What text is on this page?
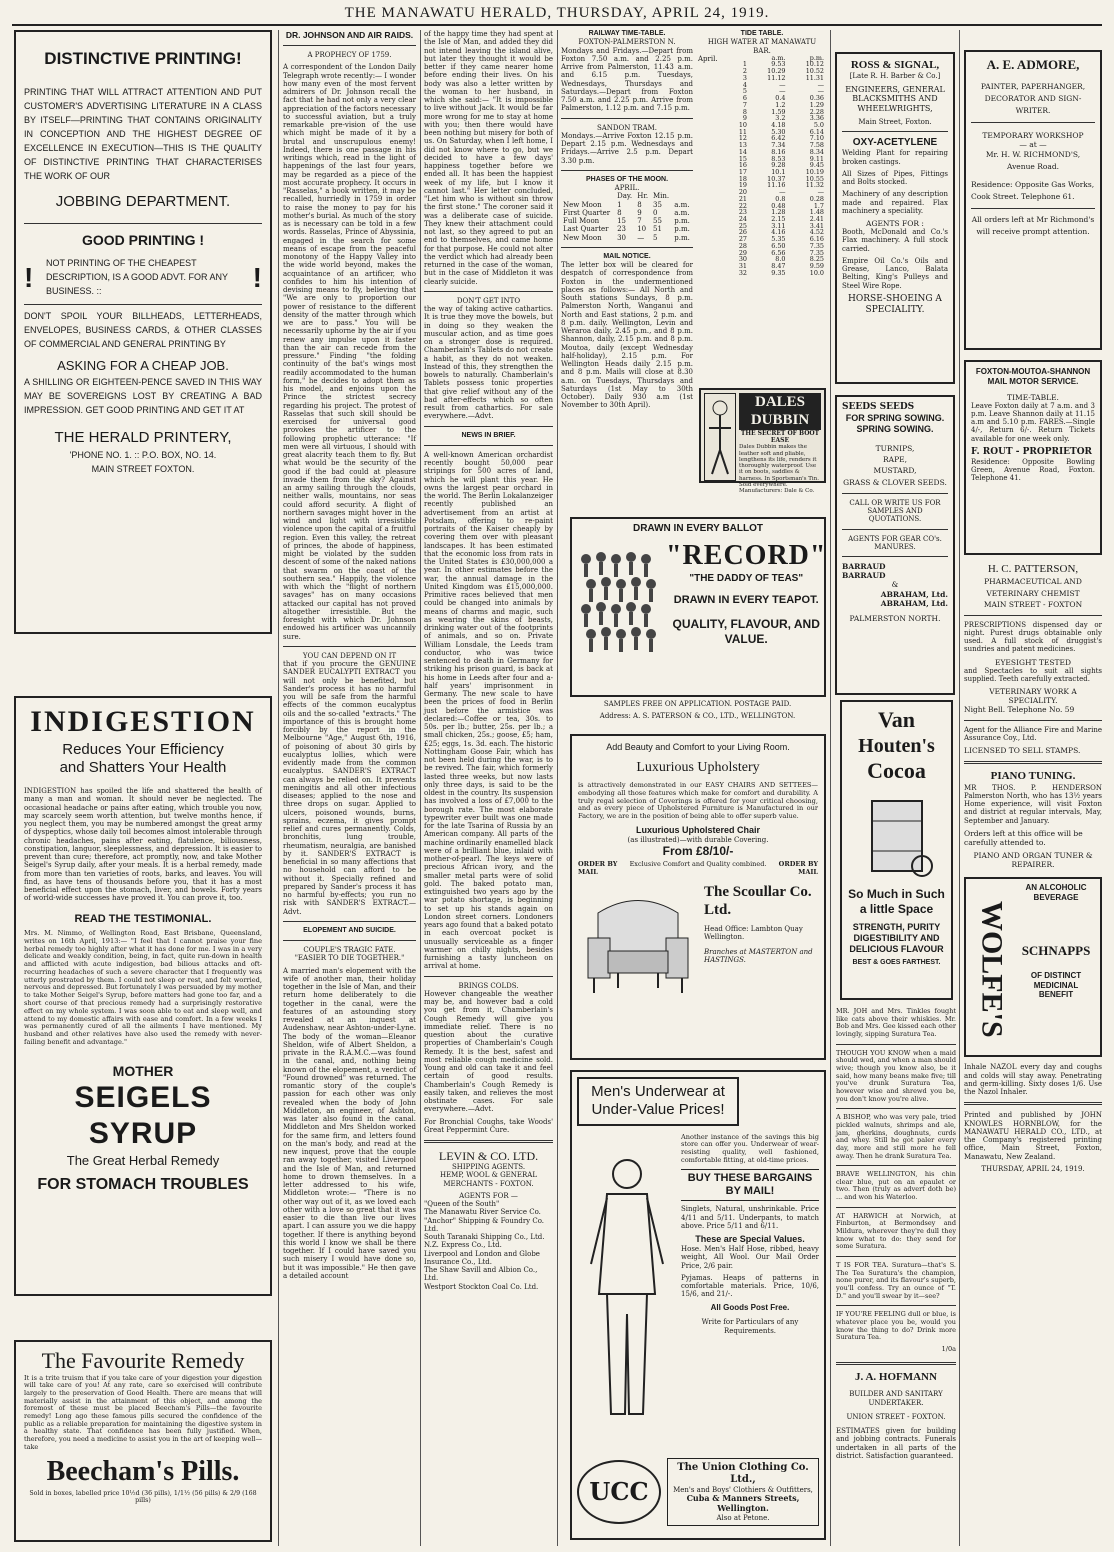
THE MANAWATU HERALD, THURSDAY, APRIL 24, 1919.
DISTINCTIVE PRINTING!

PRINTING THAT WILL ATTRACT ATTENTION AND PUT CUSTOMER'S ADVERTISING LITERATURE IN A CLASS BY ITSELF—PRINTING THAT CONTAINS ORIGINALITY IN CONCEPTION AND THE HIGHEST DEGREE OF EXCELLENCE IN EXECUTION—THIS IS THE QUALITY OF DISTINCTIVE PRINTING THAT CHARACTERISES THE WORK OF OUR

JOBBING DEPARTMENT.
GOOD PRINTING !
!	NOT PRINTING OF THE CHEAPEST DESCRIPTION, IS A GOOD ADVT. FOR ANY BUSINESS. ::	!

DON'T SPOIL YOUR BILLHEADS, LETTERHEADS, ENVELOPES, BUSINESS CARDS, & OTHER CLASSES OF COMMERCIAL AND GENERAL PRINTING BY

ASKING FOR A CHEAP JOB.

A SHILLING OR EIGHTEEN-PENCE SAVED IN THIS WAY MAY BE SOVEREIGNS LOST BY CREATING A BAD IMPRESSION. GET GOOD PRINTING AND GET IT AT

THE HERALD PRINTERY,
'PHONE NO. 1. :: P.O. BOX, NO. 14.
MAIN STREET FOXTON.
INDIGESTION
Reduces Your Efficiency
and Shatters Your Health

INDIGESTION has spoiled the life and shattered the health of many a man and woman. It should never be neglected. The occasional headache or pains after eating, which trouble you now, may scarcely seem worth attention, but twelve months hence, if you neglect them, you may be numbered amongst the great army of dyspeptics, whose daily toil becomes almost intolerable through chronic headaches, pains after eating, flatulence, biliousness, constipation, languor, sleeplessness, and depression. It is easier to prevent than cure; therefore, act promptly, now, and take Mother Seigel's Syrup daily, after your meals. It is a herbal remedy, made from more than ten varieties of roots, barks, and leaves. You will find, as have tens of thousands before you, that it has a most beneficial effect upon the stomach, liver, and bowels. Forty years of world-wide successes have proved it. You can prove it, too.

READ THE TESTIMONIAL.

Mrs. M. Nimmo, of Wellington Road, East Brisbane, Queensland, writes on 16th April, 1913:— "I feel that I cannot praise your fine herbal remedy too highly after what it has done for me. I was in a very delicate and weakly condition, being, in fact, quite run-down in health and afflicted with acute indigestion, bad bilious attacks and oft-recurring headaches of such a severe character that I frequently was utterly prostrated by them. I could not sleep or rest, and felt worried, nervous and depressed. But fortunately I was persuaded by my mother to take Mother Seigel's Syrup, before matters had gone too far, and a short course of that precious remedy had a surprisingly restorative effect on my whole system. I was soon able to eat and sleep well, and attend to my domestic affairs with ease and comfort. In a few weeks I was permanently cured of all the ailments I have mentioned. My husband and other relatives have also used the remedy with never-failing benefit and advantage."

MOTHER
SEIGELS SYRUP
The Great Herbal Remedy
FOR STOMACH TROUBLES
The Favourite Remedy

It is a trite truism that if you take care of your digestion your digestion will take care of you! At any rate, care so exercised will contribute largely to the preservation of Good Health. There are means that will materially assist in the attainment of this object, and among the foremost of these must be placed Beecham's Pills—the favourite remedy! Long ago these famous pills secured the confidence of the public as a reliable preparation for maintaining the digestive system in a healthy state. That confidence has been fully justified. When, therefore, you need a medicine to assist you in the art of keeping well—take

Beecham's Pills.
Sold in boxes, labelled price 10½d (36 pills), 1/1½ (56 pills) & 2/9 (168 pills)
DR. JOHNSON AND AIR RAIDS.
A PROPHECY OF 1759.

A correspondent of the London Daily Telegraph wrote recently:— I wonder how many even of the most fervent admirers of Dr. Johnson recall the fact that he had not only a very clear appreciation of the factors necessary to successful aviation, but a truly remarkable pre-vision of the use which might be made of it by a brutal and unscrupulous enemy! Indeed, there is one passage in his writings which, read in the light of happenings of the last four years, may be regarded as a piece of the most accurate prophecy. It occurs in "Rasselas," a book written, it may be recalled, hurriedly in 1759 in order to raise the money to pay for his mother's burial. As much of the story as is necessary can be told in a few words. Rasselas, Prince of Abyssinia, engaged in the search for some means of escape from the peaceful monotony of the Happy Valley into the wide world beyond, makes the acquaintance of an artificer, who confides to him his intention of devising means to fly, believing that "We are only to proportion our power of resistance to the different density of the matter through which we are to pass." You will be necessarily uphorne by the air if you renew any impulse upon it faster than the air can recede from the pressure." Finding "the folding continuity of the bat's wings most readily accommodated to the human form," he decides to adopt them as his model, and enjoins upon the Prince the strictest secrecy regarding his project. The protest of Rasselas that such skill should be exercised for universal good provokes the artificer to the following prophetic utterance: "If men were all virtuous, I should with great alacrity teach them to fly. But what would be the security of the good if the bad could at pleasure invade them from the sky? Against an army sailing through the clouds, neither walls, mountains, nor seas could afford security. A flight of northern savages might hover in the wind and light with irresistible violence upon the capital of a fruitful region. Even this valley, the retreat of princes, the abode of happiness, might be violated by the sudden descent of some of the naked nations that swarm on the coast of the southern sea." Happily, the violence with which the "flight of northern savages" has on many occasions attacked our capital has not proved altogether irresistible. But the foresight with which Dr. Johnson endowed his artificer was uncannily sure.

YOU CAN DEPEND ON IT

that if you procure the GENUINE SANDER EUCALYPTI EXTRACT you will not only be benefited, but Sander's process it has no harmful you will be safe from the harmful effects of the common eucalyptus oils and the so-called "extracts." The importance of this is brought home forcibly by the report in the Melbourne "Age," August 6th, 1916, of poisoning of about 30 girls by eucalyptus lollies, which were evidently made from the common eucalyptus. SANDER'S EXTRACT can always be relied on. It prevents meningitis and all other infectious diseases; applied to the nose and three drops on sugar. Applied to ulcers, poisoned wounds, burns, sprains, eczema, it gives prompt relief and cures permanently. Colds, bronchitis, lung trouble, rheumatism, neuralgia, are banished by it. SANDER'S EXTRACT is beneficial in so many affections that no household can afford to be without it. Specially refined and prepared by Sander's process it has no harmful by-effects; you run no risk with SANDER'S EXTRACT.—Advt.

ELOPEMENT AND SUICIDE.
COUPLE'S TRAGIC FATE.
"EASIER TO DIE TOGETHER."

A married man's elopement with the wife of another man, their holiday together in the Isle of Man, and their return home deliberately to die together in the canal, were the features of an astounding story revealed at an inquest at Audenshaw, near Ashton-under-Lyne. The body of the woman—Eleanor Sheldon, wife of Albert Sheldon, a private in the R.A.M.C.—was found in the canal, and, nothing being known of the elopement, a verdict of "Found drowned" was returned. The romantic story of the couple's passion for each other was only revealed when the body of John Middleton, an engineer, of Ashton, was later also found in the canal. Middleton and Mrs Sheldon worked for the same firm, and letters found on the man's body, and read at the new inquest, prove that the couple ran away together, visited Liverpool and the Isle of Man, and returned home to drown themselves. In a letter addressed to his wife, Middleton wrote:— "There is no other way out of it, as we loved each other with a love so great that it was easier to die than live our lives apart. I can assure you we die happy together. If there is anything beyond this world I know we shall be there together. If I could have saved you such misery I would have done so, but it was impossible." He then gave a detailed account

of the happy time they had spent at the Isle of Man, and added they did not intend leaving the island alive, but later they thought it would be better if they came nearer home before ending their lives. On his body was also a letter written by the woman to her husband, in which she said:— "It is impossible to live without Jack. It would be far more wrong for me to stay at home with you; then there would have been nothing but misery for both of us. On Saturday, when I left home, I did not know where to go, but we decided to have a few days' happiness together before we ended all. It has been the happiest week of my life, but I know it cannot last." Her letter concluded, "Let him who is without sin throw the first stone." The coroner said it was a deliberate case of suicide. They knew their attachment could not last, so they agreed to put an end to themselves, and came home for that purpose. He could not alter the verdict which had already been returned in the case of the woman, but in the case of Middleton it was clearly suicide.

DON'T GET INTO

the way of taking active cathartics. It is true they move the bowels, but in doing so they weaken the muscular action, and as time goes on a stronger dose is required. Chamberlain's Tablets do not create a habit, as they do not weaken. Instead of this, they strengthen the bowels to naturally. Chamberlain's Tablets possess tonic properties that give relief without any of the bad after-effects which so often result from cathartics. For sale everywhere.—Advt.

NEWS IN BRIEF.

A well-known American orchardist recently bought 50,000 pear stripings for 500 acres of land, which he will plant this year. He owns the largest pear orchard in the world. The Berlin Lokalanzeiger recently published an advertisement from an artist at Potsdam, offering to re-paint portraits of the Kaiser cheaply by covering them over with pleasant landscapes. It has been estimated that the economic loss from rats in the United States is £30,000,000 a year. In other estimates before the war, the annual damage in the United Kingdom was £15,000,000. Primitive races believed that men could be changed into animals by means of charms and magic, such as wearing the skins of beasts, drinking water out of the footprints of animals, and so on. Private William Lonsdale, the Leeds tram conductor, who was twice sentenced to death in Germany for striking his prison guard, is back at his home in Leeds after four and a-half years' imprisonment in Germany. The new scale to have been the prices of food in Berlin just before the armistice was declared:—Coffee or tea, 30s. to 50s. per lb.; butter, 25s. per lb.; a small chicken, 25s.; goose, £5; ham, £25; eggs, 1s. 3d. each. The historic Nottingham Goose Fair, which has not been held during the war, is to be revived. The fair, which formerly lasted three weeks, but now lasts only three days, is said to be the oldest in the country. Its suspension has involved a loss of £7,000 to the borough rate. The most elaborate typewriter ever built was one made for the late Tsarina of Russia by an American company. All parts of the machine ordinarily enamelled black were of a brilliant blue, inlaid with mother-of-pearl. The keys were of precious African ivory, and the smaller metal parts were of solid gold. The baked potato man, extinguished two years ago by the war potato shortage, is beginning to set up his stands again on London street corners. Londoners years ago found that a baked potato in each overcoat pocket is unusually serviceable as a finger warmer on chilly nights, besides furnishing a tasty luncheon on arrival at home.

BRINGS COLDS.

However changeable the weather may be, and however bad a cold you get from it, Chamberlain's Cough Remedy will give you immediate relief. There is no question about the curative properties of Chamberlain's Cough Remedy. It is the best, safest and most reliable cough medicine sold. Young and old can take it and feel certain of good results. Chamberlain's Cough Remedy is easily taken, and relieves the most obstinate cases. For sale everywhere.—Advt.

For Bronchial Coughs, take Woods' Great Peppermint Cure.

LEVIN & CO. LTD.
SHIPPING AGENTS.
HEMP, WOOL & GENERAL MERCHANTS - FOXTON.
AGENTS FOR —
"Queen of the South"
The Manawatu River Service Co.
"Anchor" Shipping & Foundry Co. Ltd.
South Taranaki Shipping Co., Ltd.
N.Z. Express Co., Ltd.
Liverpool and London and Globe Insurance Co., Ltd.
The Shaw Savill and Albion Co., Ltd.
Westport Stockton Coal Co. Ltd.
RAILWAY TIME-TABLE.
FOXTON-PALMERSTON N.

Mondays and Fridays.—Depart from Foxton 7.50 a.m. and 2.25 p.m. Arrive from Palmerston, 11.43 a.m. and 6.15 p.m. Tuesdays, Wednesdays, Thursdays and Saturdays.—Depart from Foxton 7.50 a.m. and 2.25 p.m. Arrive from Palmerston, 1.12 p.m. and 7.15 p.m.

SANDON TRAM.

Mondays.—Arrive Foxton 12.15 p.m. Depart 2.15 p.m. Wednesdays and Fridays.—Arrive 2.5 p.m. Depart 3.30 p.m.

PHASES OF THE MOON.
APRIL.
	Day.	Hr.	Min.	
New Moon	1	8	35	a.m.
First Quarter	8	9	0	a.m.
Full Moon	15	7	55	p.m.
Last Quarter	23	10	51	p.m.
New Moon	30	—	5	p.m.
MAIL NOTICE.

The letter box will be cleared for despatch of correspondence from Foxton in the undermentioned places as follows:— All North and South stations Sundays, 8 p.m. Palmerston North, Wanganui and North and East stations, 2 p.m. and 8 p.m. daily. Wellington, Levin and Weraroa daily, 2.45 p.m., and 8 p.m. Shannon, daily, 2.15 p.m. and 8 p.m. Moutoa, daily (except Wednesday half-holiday), 2.15 p.m. For Wellington Heads daily 2.15 p.m. and 8 p.m. Mails will close at 8.30 a.m. on Tuesdays, Thursdays and Saturdays (1st May to 30th October). Daily 930 a.m (1st November to 30th April).

TIDE TABLE.
HIGH WATER AT MANAWATU BAR.
April.
		a.m.	p.m.
1	9.53	10.12
2	10.29	10.52
3	11.12	11.31
4	—	—
5	—	—
6	0.4	0.36
7	1.2	1.29
8	1.59	2.28
9	3.2	3.36
10	4.18	5.0
11	5.30	6.14
12	6.42	7.10
13	7.34	7.58
14	8.16	8.34
15	8.53	9.11
16	9.28	9.45
17	10.1	10.19
18	10.37	10.55
19	11.16	11.32
20	—	—
21	0.8	0.28
22	0.48	1.7
23	1.28	1.48
24	2.15	2.41
25	3.11	3.41
26	4.16	4.52
27	5.35	6.16
28	6.50	7.35
29	6.56	7.35
30	8.0	8.25
31	8.47	9.59
32	9.35	10.0
DALES DUBBIN
THE SECRET OF BOOT EASE
Dales Dubbin makes the leather soft and pliable, lengthens its life, renders it thoroughly waterproof. Use it on boots, saddles & harness. In Sportsman's Tin. Sold everywhere. Manufacturers: Dale & Co.
DRAWN IN EVERY BALLOT
"RECORD"
"THE DADDY OF TEAS"
DRAWN IN EVERY TEAPOT.
QUALITY, FLAVOUR, AND VALUE.
SAMPLES FREE ON APPLICATION. POSTAGE PAID.
Address: A. S. PATERSON & CO., LTD., WELLINGTON.
Add Beauty and Comfort to your Living Room.
Luxurious Upholstery

is attractively demonstrated in our EASY CHAIRS AND SETTEES—embodying all those features which make for comfort and durability. A truly regal selection of Coverings is offered for your critical choosing, and as every piece of Upholstered Furniture is Manufactured in our Factory, we are in the position of being able to offer superb value.

Luxurious Upholstered Chair
(as illustrated)—with durable Covering.
From £8/10/-
ORDER BY MAIL
Exclusive Comfort and Quality combined.	ORDER BY MAIL
The Scoullar Co. Ltd.
Head Office: Lambton Quay Wellington.
Branches at MASTERTON and HASTINGS.
Men's Underwear at Under-Value Prices!

Another instance of the savings this big store can offer you. Underwear of wear-resisting quality, well fashioned, comfortable fitting, at old-time prices.

BUY THESE BARGAINS BY MAIL!

Singlets, Natural, unshrinkable. Price 4/11 and 5/11. Underpants, to match above. Price 5/11 and 6/11.

These are Special Values.

Hose. Men's Half Hose, ribbed, heavy weight, All Wool. Our Mail Order Price, 2/6 pair.

Pyjamas. Heaps of patterns in comfortable materials. Price, 10/6, 15/6, and 21/-.

All Goods Post Free.
Write for Particulars of any Requirements.
UCC
The Union Clothing Co. Ltd.,
Men's and Boys' Clothiers & Outfitters,
Cuba & Manners Streets, Wellington.
Also at Petone.
ROSS & SIGNAL,
[Late R. H. Barber & Co.]
ENGINEERS, GENERAL BLACKSMITHS AND WHEELWRIGHTS,
Main Street, Foxton.
OXY-ACETYLENE

Welding Plant for repairing broken castings.

All Sizes of Pipes, Fittings and Bolts stocked.

Machinery of any description made and repaired. Flax machinery a speciality.

AGENTS FOR :

Booth, McDonald and Co.'s Flax machinery. A full stock carried.

Empire Oil Co.'s Oils and Grease, Lanco, Balata Belting, King's Pulleys and Steel Wire Rope.

HORSE-SHOEING A SPECIALITY.
SEEDS SEEDS
FOR SPRING SOWING.
SPRING SOWING.
TURNIPS,
RAPE,
MUSTARD,
GRASS & CLOVER SEEDS.
CALL OR WRITE US FOR SAMPLES AND QUOTATIONS.
AGENTS FOR GEAR CO's. MANURES.
BARRAUD
BARRAUD
&
ABRAHAM, Ltd.
ABRAHAM, Ltd.
PALMERSTON NORTH.
Van
Houten's
Cocoa
So Much in Such a little Space
STRENGTH, PURITY DIGESTIBILITY AND DELICIOUS FLAVOUR
BEST & GOES FARTHEST.

MR. JOH and Mrs. Tinkles fought like cats above their whiskies. Mr. Bob and Mrs. Gee kissed each other lovingly, sipping Suratura Tea.

THOUGH YOU KNOW when a maid should wed, and when a man should wive; though you know also, be it said, how many beans make five; till you've drunk Suratura Tea, however wise and shrewd you be, you don't know you're alive.

A BISHOP, who was very pale, tried pickled walnuts, shrimps and ale, jam, gherkins, doughnuts, curds and whey. Still he got paler every day, more and still more he fell away. Then he drank Suratura Tea.

BRAVE WELLINGTON, his chin clear blue, put on an epaulet or two. Then (truly as advert doth be) ... and won his Waterloo.

AT HARWICH at Norwich, at Finburton, at Bermondsey and Mildura, wherever they're dull they know what to do: they send for some Suratura.

T IS FOR TEA. Suratura—that's S. The Tea Suratura's the champion, none purer, and its flavour's superb, you'll confess. Try an ounce of "T. D." and you'll swear by it—see?

IF YOU'RE FEELING dull or blue, is whatever place you be, would you know the thing to do? Drink more Suratura Tea.

1/0a
J. A. HOFMANN
BUILDER AND SANITARY UNDERTAKER.
UNION STREET - FOXTON.

ESTIMATES given for building and jobbing contracts. Funerals undertaken in all parts of the district. Satisfaction guaranteed.

A. E. ADMORE,
PAINTER, PAPERHANGER, DECORATOR AND SIGN-WRITER.
TEMPORARY WORKSHOP
— at —
Mr. H. W. RICHMOND'S, Avenue Road.
Residence: Opposite Gas Works, Cook Street. Telephone 61.
All orders left at Mr Richmond's will receive prompt attention.
FOXTON-MOUTOA-SHANNON MAIL MOTOR SERVICE.
TIME-TABLE.

Leave Foxton daily at 7 a.m. and 3 p.m. Leave Shannon daily at 11.15 a.m and 5.10 p.m. FARES.—Single 4/-, Return 6/-. Return Tickets available for one week only.

F. ROUT - PROPRIETOR

Residence: Opposite Bowling Green, Avenue Road, Foxton. Telephone 41.

H. C. PATTERSON,
PHARMACEUTICAL AND VETERINARY CHEMIST
MAIN STREET - FOXTON

PRESCRIPTIONS dispensed day or night. Purest drugs obtainable only used. A full stock of druggist's sundries and patent medicines.

EYESIGHT TESTED

and Spectacles to suit all sights supplied. Teeth carefully extracted.

VETERINARY WORK A SPECIALITY.
Night Bell. Telephone No. 59

Agent for the Alliance Fire and Marine Assurance Coy., Ltd.

LICENSED TO SELL STAMPS.
PIANO TUNING.

MR THOS. P. HENDERSON Palmerston North, who has 13½ years Home experience, will visit Foxton and district at regular intervals, May, September and January.

Orders left at this office will be carefully attended to.
PIANO AND ORGAN TUNER & REPAIRER.
WOLFE'S
AN ALCOHOLIC BEVERAGE
SCHNAPPS
OF DISTINCT MEDICINAL BENEFIT

Inhale NAZOL every day and coughs and colds will stay away. Penetrating and germ-killing. Sixty doses 1/6. Use the Nazol Inhaler.

Printed and published by JOHN KNOWLES HORNBLOW, for the MANAWATU HERALD CO., LTD., at the Company's registered printing office, Main Street, Foxton, Manawatu, New Zealand.

THURSDAY, APRIL 24, 1919.
